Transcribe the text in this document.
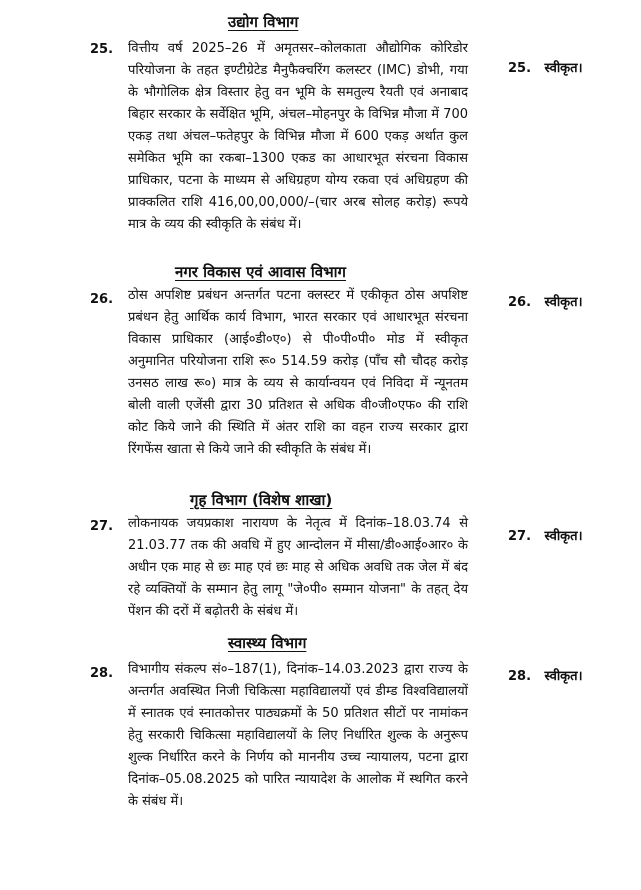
उद्योग विभाग
25. वित्तीय वर्ष 2025–26 में अमृतसर–कोलकाता औद्योगिक कोरिडोर परियोजना के तहत इण्टीग्रेटेड मैनुफैक्चरिंग कलस्टर (IMC) डोभी, गया के भौगोलिक क्षेत्र विस्तार हेतु वन भूमि के समतुल्य रैयती एवं अनाबाद बिहार सरकार के सर्वेक्षित भूमि, अंचल–मोहनपुर के विभिन्न मौजा में 700 एकड़ तथा अंचल–फतेहपुर के विभिन्न मौजा में 600 एकड़ अर्थात कुल समेकित भूमि का रकबा–1300 एकड का आधारभूत संरचना विकास प्राधिकार, पटना के माध्यम से अधिग्रहण योग्य रकवा एवं अधिग्रहण की प्राक्कलित राशि 416,00,00,000/–(चार अरब सोलह करोड़) रूपये मात्र के व्यय की स्वीकृति के संबंध में।
25. स्वीकृत।
नगर विकास एवं आवास विभाग
26. ठोस अपशिष्ट प्रबंधन अन्तर्गत पटना क्लस्टर में एकीकृत ठोस अपशिष्ट प्रबंधन हेतु आर्थिक कार्य विभाग, भारत सरकार एवं आधारभूत संरचना विकास प्राधिकार (आई०डी०ए०) से पी०पी०पी० मोड में स्वीकृत अनुमानित परियोजना राशि रू० 514.59 करोड़ (पाँच सौ चौदह करोड़ उनसठ लाख रू०) मात्र के व्यय से कार्यान्वयन एवं निविदा में न्यूनतम बोली वाली एजेंसी द्वारा 30 प्रतिशत से अधिक वी०जी०एफ० की राशि कोट किये जाने की स्थिति में अंतर राशि का वहन राज्य सरकार द्वारा रिंगफेंस खाता से किये जाने की स्वीकृति के संबंध में।
26. स्वीकृत।
गृह विभाग (विशेष शाखा)
27. लोकनायक जयप्रकाश नारायण के नेतृत्व में दिनांक–18.03.74 से 21.03.77 तक की अवधि में हुए आन्दोलन में मीसा/डी०आई०आर० के अधीन एक माह से छः माह एवं छः माह से अधिक अवधि तक जेल में बंद रहे व्यक्तियों के सम्मान हेतु लागू "जे०पी० सम्मान योजना" के तहत् देय पेंशन की दरों में बढ़ोतरी के संबंध में।
27. स्वीकृत।
स्वास्थ्य विभाग
28. विभागीय संकल्प सं०–187(1), दिनांक–14.03.2023 द्वारा राज्य के अन्तर्गत अवस्थित निजी चिकित्सा महाविद्यालयों एवं डीम्ड विश्वविद्यालयों में स्नातक एवं स्नातकोत्तर पाठ्यक्रमों के 50 प्रतिशत सीटों पर नामांकन हेतु सरकारी चिकित्सा महाविद्यालयों के लिए निर्धारित शुल्क के अनुरूप शुल्क निर्धारित करने के निर्णय को माननीय उच्च न्यायालय, पटना द्वारा दिनांक–05.08.2025 को पारित न्यायादेश के आलोक में स्थगित करने के संबंध में।
28. स्वीकृत।
